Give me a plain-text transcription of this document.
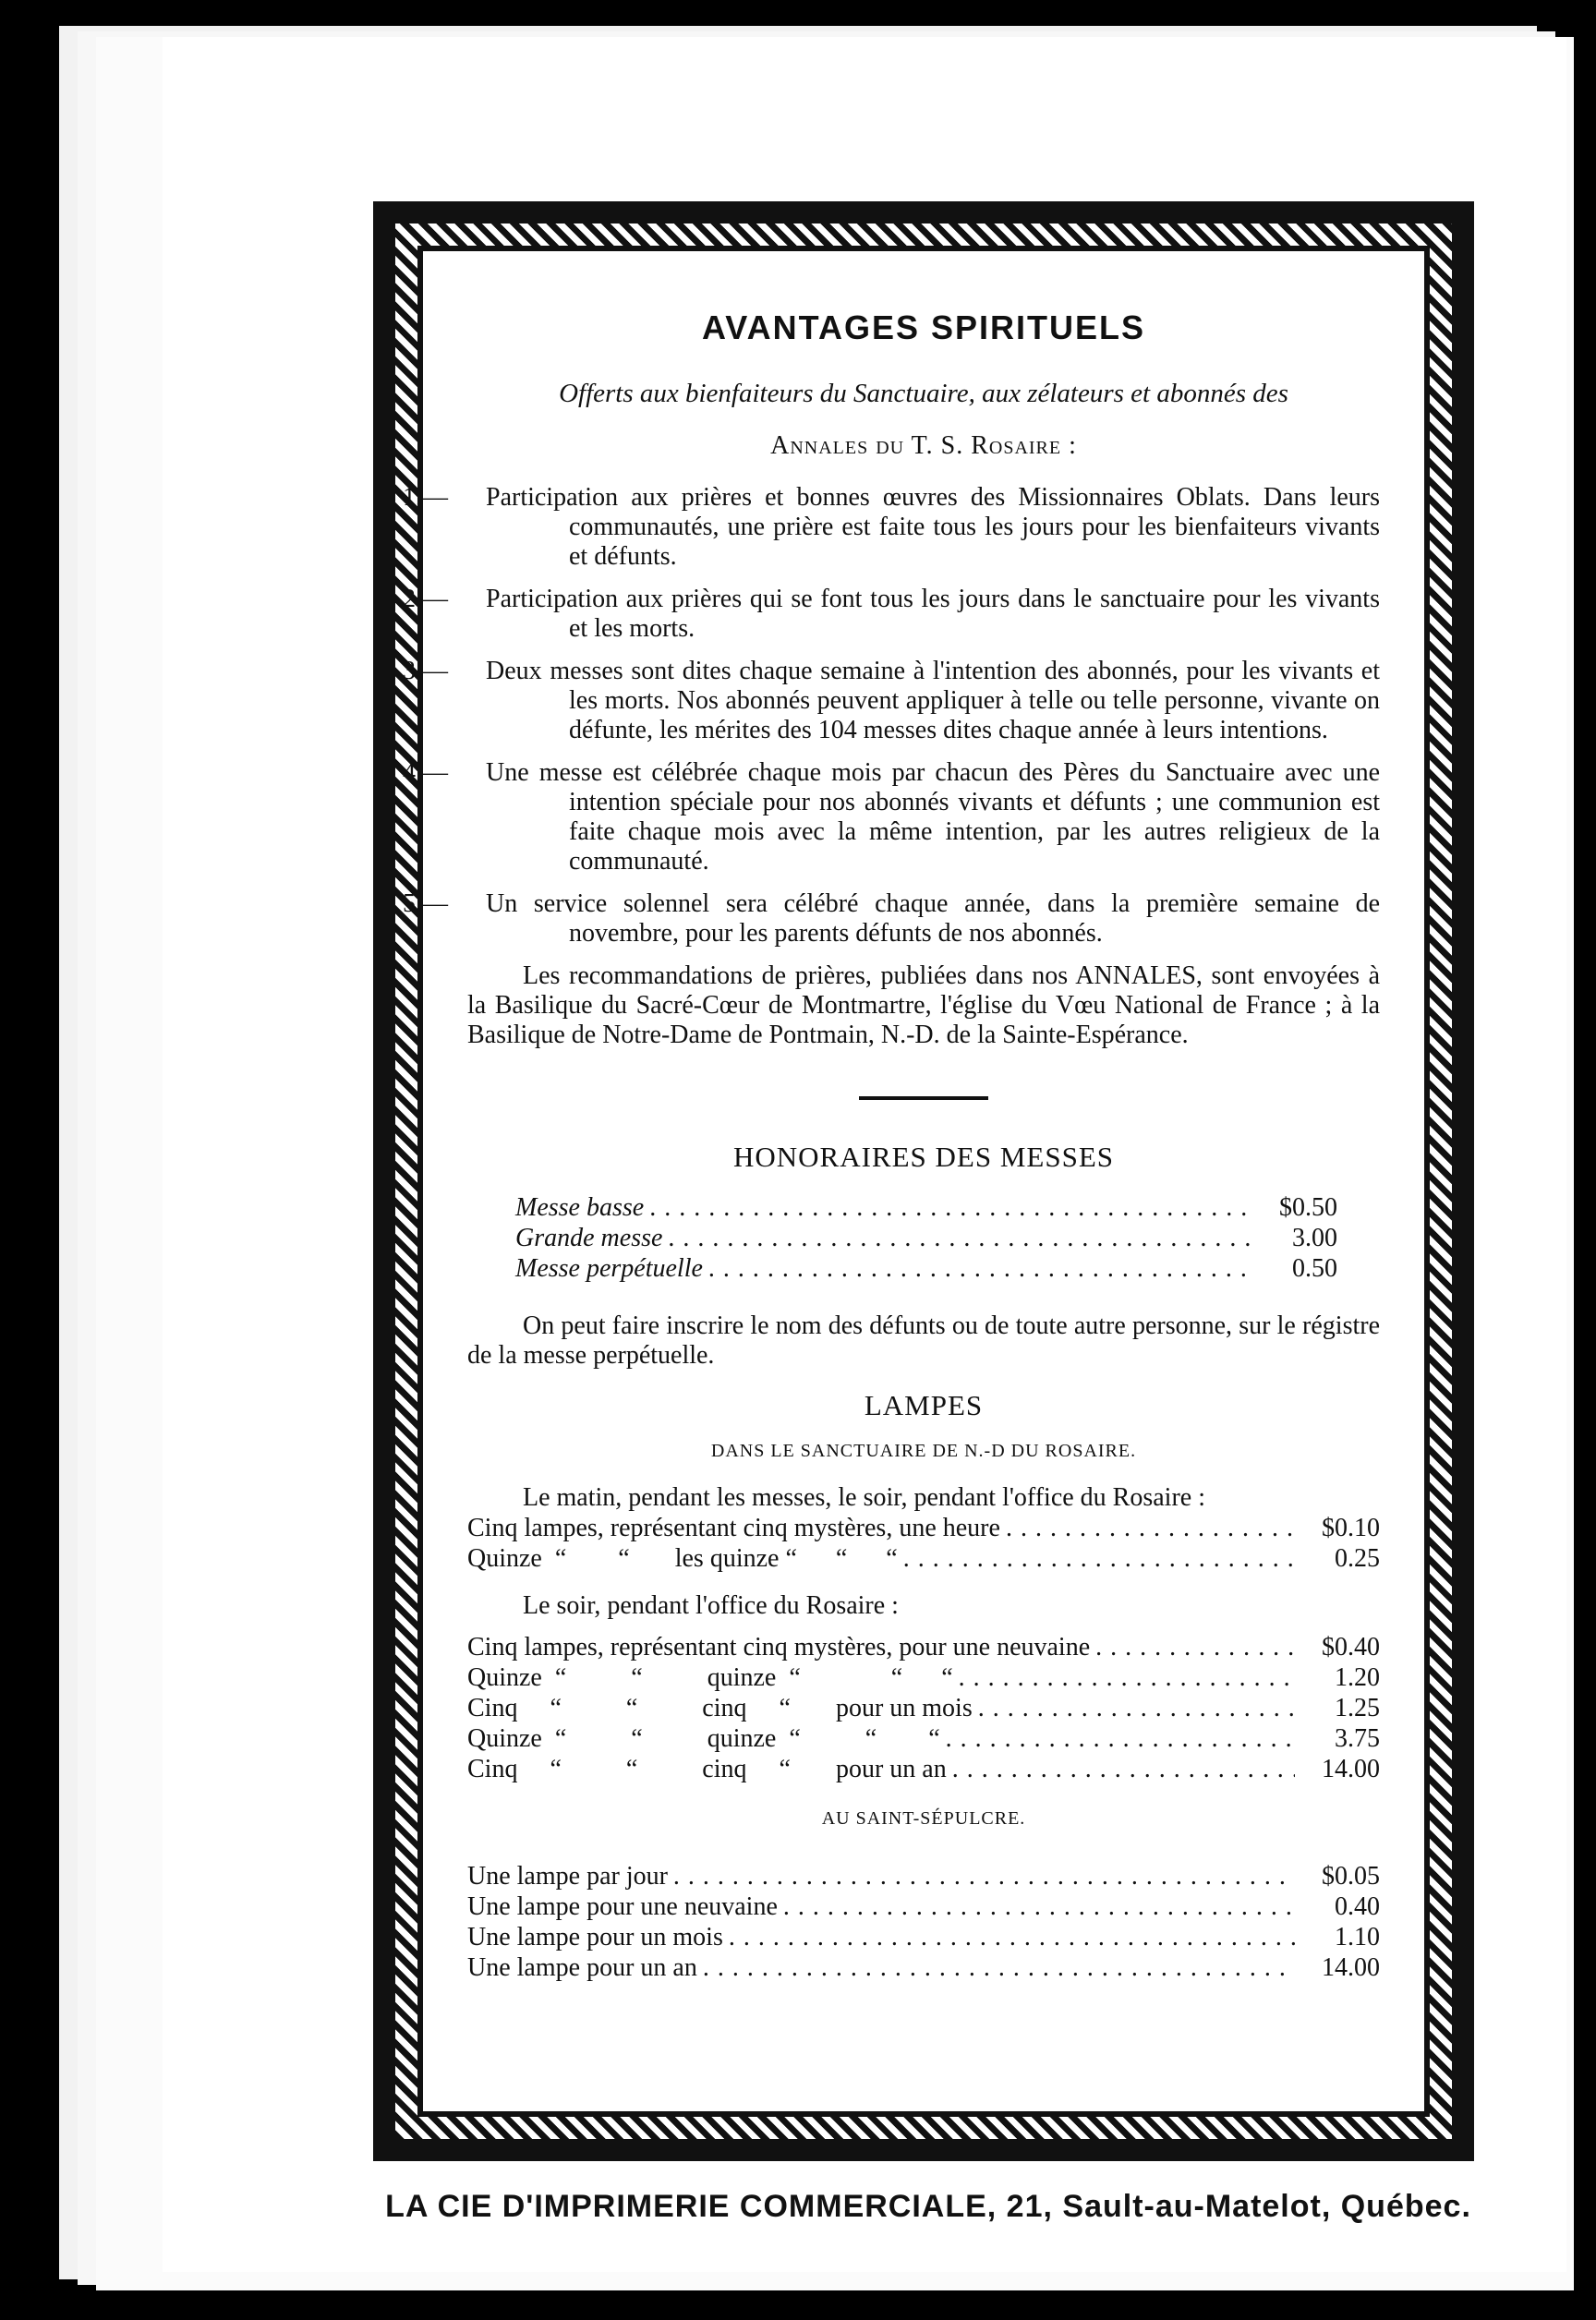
AVANTAGES SPIRITUELS

Offerts aux bienfaiteurs du Sanctuaire, aux zélateurs et abonnés des

Annales du T. S. Rosaire :

1.— Participation aux prières et bonnes œuvres des Missionnaires Oblats. Dans leurs communautés, une prière est faite tous les jours pour les bienfaiteurs vivants et défunts.
2.— Participation aux prières qui se font tous les jours dans le sanctuaire pour les vivants et les morts.
3.— Deux messes sont dites chaque semaine à l'intention des abonnés, pour les vivants et les morts. Nos abonnés peuvent appliquer à telle ou telle personne, vivante on défunte, les mérites des 104 messes dites chaque année à leurs intentions.
4.— Une messe est célébrée chaque mois par chacun des Pères du Sanctuaire avec une intention spéciale pour nos abonnés vivants et défunts ; une communion est faite chaque mois avec la même intention, par les autres religieux de la communauté.
5.— Un service solennel sera célébré chaque année, dans la première semaine de novembre, pour les parents défunts de nos abonnés.

Les recommandations de prières, publiées dans nos ANNALES, sont envoyées à la Basilique du Sacré-Cœur de Montmartre, l'église du Vœu National de France ; à la Basilique de Notre-Dame de Pontmain, N.-D. de la Sainte-Espérance.

HONORAIRES DES MESSES
Messe basse . . .	$0.50
Grande messe . . .	3.00
Messe perpétuelle . . .	0.50

On peut faire inscrire le nom des défunts ou de toute autre personne, sur le régistre de la messe perpétuelle.

LAMPES
DANS LE SANCTUAIRE DE N.-D DU ROSAIRE.

Le matin, pendant les messes, le soir, pendant l'office du Rosaire :

Cinq lampes, représentant cinq mystères, une heure . . .	$0.10
Quinze  “        “       les quinze “      “      “ . . .	0.25

Le soir, pendant l'office du Rosaire :

Cinq lampes, représentant cinq mystères, pour une neuvaine . . .	$0.40
Quinze  “          “          quinze  “              “      “ . . .	1.20
Cinq     “          “          cinq     “       pour un mois . . .	1.25
Quinze  “          “          quinze  “          “        “ . . .	3.75
Cinq     “          “          cinq     “       pour un an . . .	14.00
AU SAINT-SÉPULCRE.
Une lampe par jour . . .	$0.05
Une lampe pour une neuvaine . . .	0.40
Une lampe pour un mois . . .	1.10
Une lampe pour un an . . .	14.00
LA CIE D'IMPRIMERIE COMMERCIALE, 21, Sault-au-Matelot, Québec.
